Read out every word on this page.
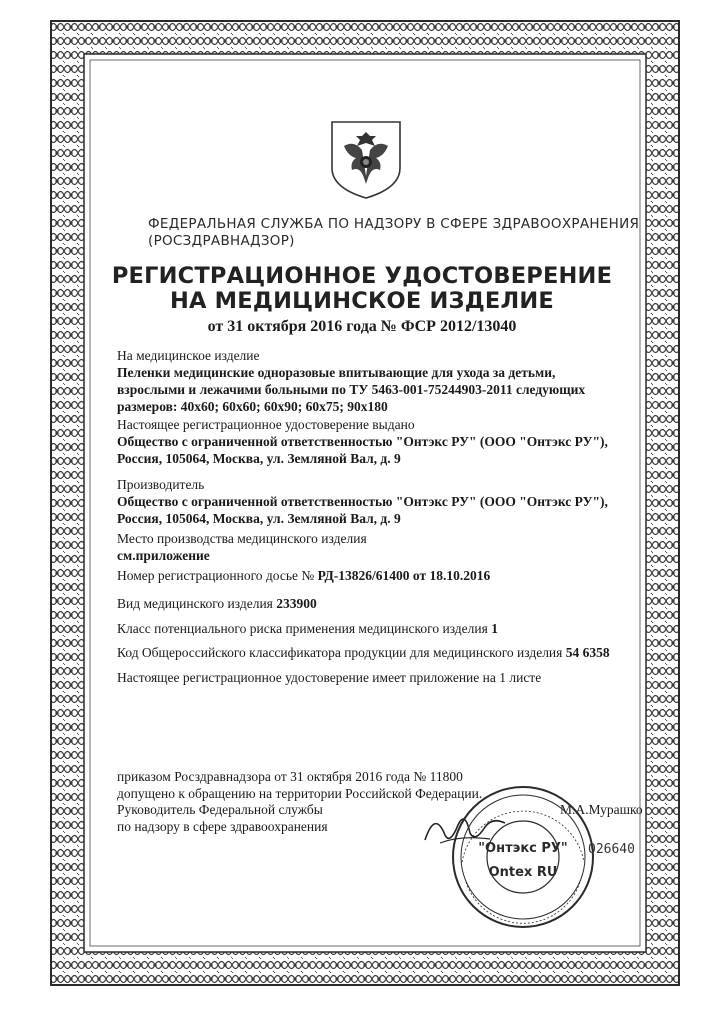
ФЕДЕРАЛЬНАЯ СЛУЖБА ПО НАДЗОРУ В СФЕРЕ ЗДРАВООХРАНЕНИЯ
(РОСЗДРАВНАДЗОР)
РЕГИСТРАЦИОННОЕ УДОСТОВЕРЕНИЕ
НА МЕДИЦИНСКОЕ ИЗДЕЛИЕ
от 31 октября 2016 года № ФСР 2012/13040
На медицинское изделие
Пеленки медицинские одноразовые впитывающие для ухода за детьми,
взрослыми и лежачими больными по ТУ 5463-001-75244903-2011 следующих
размеров: 40х60; 60х60; 60х90; 60х75; 90х180
Настоящее регистрационное удостоверение выдано
Общество с ограниченной ответственностью "Онтэкс РУ" (ООО "Онтэкс РУ"),
Россия, 105064, Москва, ул. Земляной Вал, д. 9
Производитель
Общество с ограниченной ответственностью "Онтэкс РУ" (ООО "Онтэкс РУ"),
Россия, 105064, Москва, ул. Земляной Вал, д. 9
Место производства медицинского изделия
см.приложение
Номер регистрационного досье № РД-13826/61400 от 18.10.2016
Вид медицинского изделия 233900
Класс потенциального риска применения медицинского изделия 1
Код Общероссийского классификатора продукции для медицинского изделия 54 6358
Настоящее регистрационное удостоверение имеет приложение на 1 листе
приказом Росздравнадзора от 31 октября 2016 года № 11800
допущено к обращению на территории Российской Федерации.
Руководитель Федеральной службы
по надзору в сфере здравоохранения
М.А.Мурашко
"Онтэкс РУ"
Ontex RU
026640
